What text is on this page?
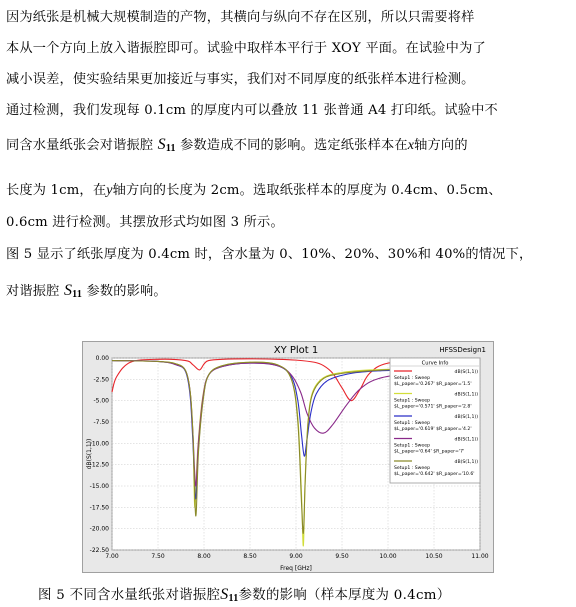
因为纸张是机械大规模制造的产物，其横向与纵向不存在区别，所以只需要将样
本从一个方向上放入谐振腔即可。试验中取样本平行于 XOY 平面。在试验中为了
减小误差，使实验结果更加接近与事实，我们对不同厚度的纸张样本进行检测。
通过检测，我们发现每 0.1cm 的厚度内可以叠放 11 张普通 A4 打印纸。试验中不
同含水量纸张会对谐振腔 $S_{11}$ 参数造成不同的影响。选定纸张样本在x轴方向的
长度为 1cm，在y轴方向的长度为 2cm。选取纸张样本的厚度为 0.4cm、0.5cm、
0.6cm 进行检测。其摆放形式均如图 3 所示。
图 5 显示了纸张厚度为 0.4cm 时，含水量为 0、10%、20%、30%和 40%的情况下，
对谐振腔 $S_{11}$ 参数的影响。
7.00	7.50	8.00	8.50	9.00	9.50	10.00	10.50	11.00
0.00
-2.50
-5.00
-7.50
-10.00
-12.50
-15.00
-17.50
-20.00
-22.50
XY Plot 1	HFSSDesign1
Freq [GHz]
dB(S(1,1))
Curve Info
dB(S(1,1))
Setup1 : Sweep
$L_paper='0.267' $R_paper='1.5'
dB(S(1,1))
Setup1 : Sweep
$L_paper='0.571' $R_paper='2.8'
dB(S(1,1))
Setup1 : Sweep
$L_paper='0.619' $R_paper='4.2'
dB(S(1,1))
Setup1 : Sweep
$L_paper='0.64' $R_paper='7'
dB(S(1,1))
Setup1 : Sweep
$L_paper='0.642' $R_paper='10.6'
图 5 不同含水量纸张对谐振腔$S_{11}$参数的影响（样本厚度为 0.4cm）
